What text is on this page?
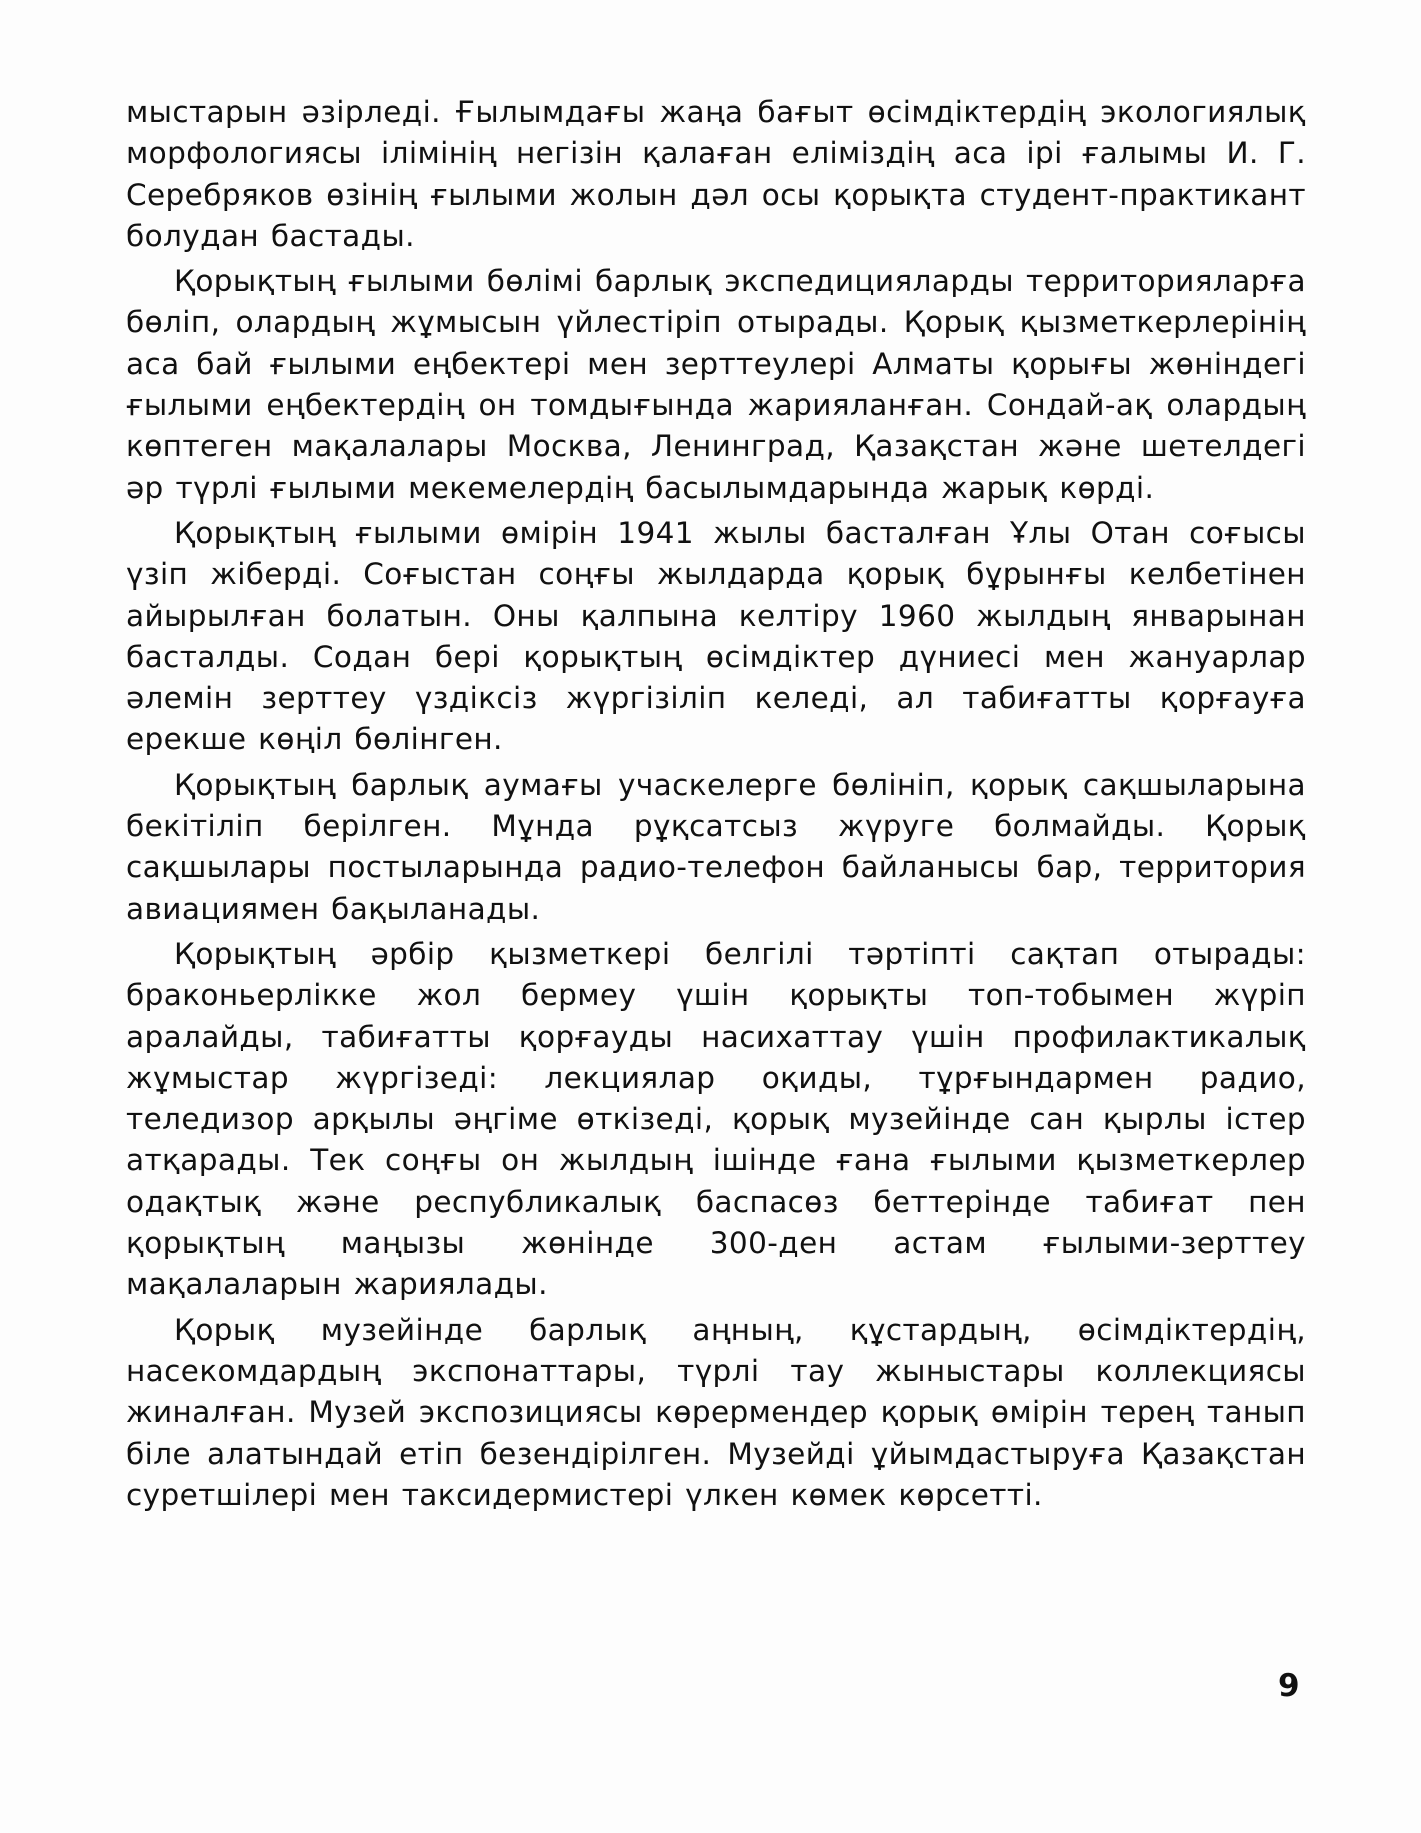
мыстарын әзірледі. Ғылымдағы жаңа бағыт өсімдіктердің экологиялық морфологиясы ілімінің негізін қалаған еліміздің аса ірі ғалымы И. Г. Серебряков өзінің ғылыми жолын дәл осы қорықта студент-практикант болудан бастады.

Қорықтың ғылыми бөлімі барлық экспедицияларды территорияларға бөліп, олардың жұмысын үйлестіріп отырады. Қорық қызметкерлерінің аса бай ғылыми еңбектері мен зерттеулері Алматы қорығы жөніндегі ғылыми еңбектердің он томдығында жарияланған. Сондай-ақ олардың көптеген мақалалары Москва, Ленинград, Қазақстан және шетелдегі әр түрлі ғылыми мекемелердің басылымдарында жарық көрді.

Қорықтың ғылыми өмірін 1941 жылы басталған Ұлы Отан соғысы үзіп жіберді. Соғыстан соңғы жылдарда қорық бұрынғы келбетінен айырылған болатын. Оны қалпына келтіру 1960 жылдың январынан басталды. Содан бері қорықтың өсімдіктер дүниесі мен жануарлар әлемін зерттеу үздіксіз жүргізіліп келеді, ал табиғатты қорғауға ерекше көңіл бөлінген.

Қорықтың барлық аумағы учаскелерге бөлініп, қорық сақшыларына бекітіліп берілген. Мұнда рұқсатсыз жүруге болмайды. Қорық сақшылары постыларында радио-телефон байланысы бар, территория авиациямен бақыланады.

Қорықтың әрбір қызметкері белгілі тәртіпті сақтап отырады: браконьерлікке жол бермеу үшін қорықты топ-тобымен жүріп аралайды, табиғатты қорғауды насихаттау үшін профилактикалық жұмыстар жүргізеді: лекциялар оқиды, тұрғындармен радио, теледизор арқылы әңгіме өткізеді, қорық музейінде сан қырлы істер атқарады. Тек соңғы он жылдың ішінде ғана ғылыми қызметкерлер одақтық және республикалық баспасөз беттерінде табиғат пен қорықтың маңызы жөнінде 300-ден астам ғылыми-зерттеу мақалаларын жариялады.

Қорық музейінде барлық аңның, құстардың, өсімдіктердің, насекомдардың экспонаттары, түрлі тау жыныстары коллекциясы жиналған. Музей экспозициясы көрермендер қорық өмірін терең танып біле алатындай етіп безендірілген. Музейді ұйымдастыруға Қазақстан суретшілері мен таксидермистері үлкен көмек көрсетті.

9
